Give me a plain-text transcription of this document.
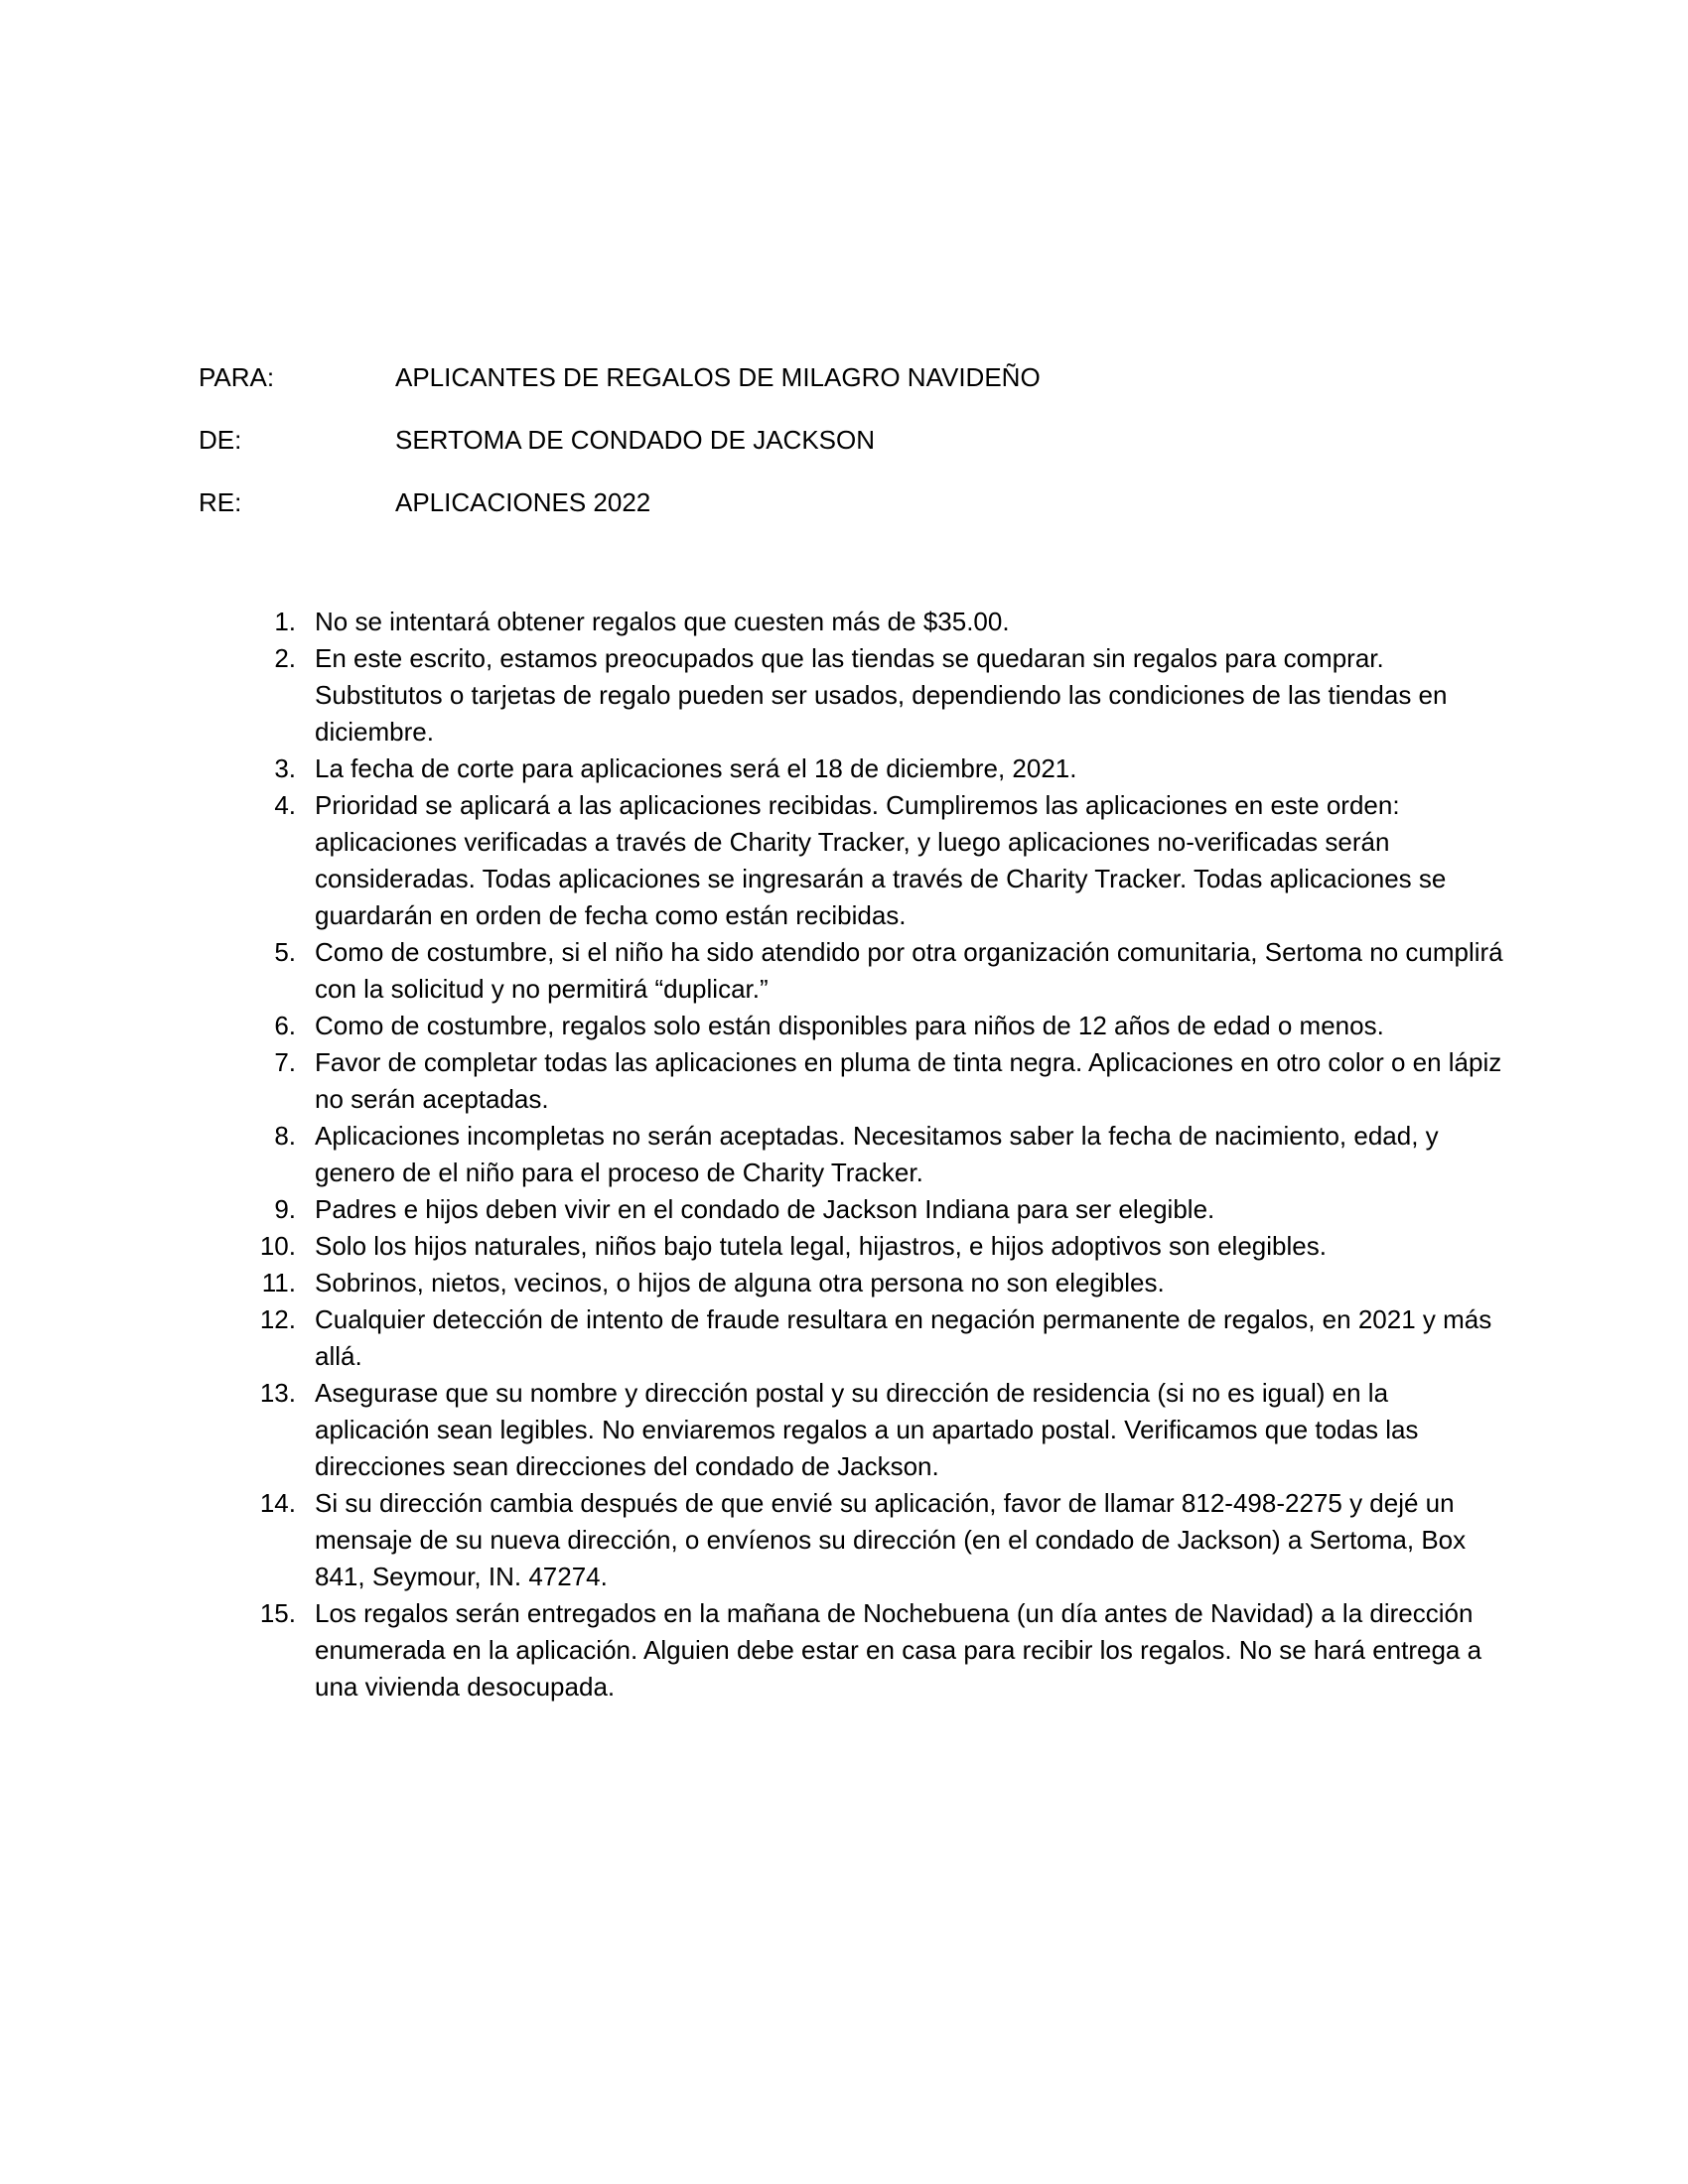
PARA:	APLICANTES DE REGALOS DE MILAGRO NAVIDEÑO
DE:	SERTOMA DE CONDADO DE JACKSON
RE:	APLICACIONES 2022
1. No se intentará obtener regalos que cuesten más de $35.00.
2. En este escrito, estamos preocupados que las tiendas se quedaran sin regalos para comprar. Substitutos o tarjetas de regalo pueden ser usados, dependiendo las condiciones de las tiendas en diciembre.
3. La fecha de corte para aplicaciones será el 18 de diciembre, 2021.
4. Prioridad se aplicará a las aplicaciones recibidas. Cumpliremos las aplicaciones en este orden: aplicaciones verificadas a través de Charity Tracker, y luego aplicaciones no-verificadas serán consideradas. Todas aplicaciones se ingresarán a través de Charity Tracker. Todas aplicaciones se guardarán en orden de fecha como están recibidas.
5. Como de costumbre, si el niño ha sido atendido por otra organización comunitaria, Sertoma no cumplirá con la solicitud y no permitirá “duplicar.”
6. Como de costumbre, regalos solo están disponibles para niños de 12 años de edad o menos.
7. Favor de completar todas las aplicaciones en pluma de tinta negra. Aplicaciones en otro color o en lápiz no serán aceptadas.
8. Aplicaciones incompletas no serán aceptadas. Necesitamos saber la fecha de nacimiento, edad, y genero de el niño para el proceso de Charity Tracker.
9. Padres e hijos deben vivir en el condado de Jackson Indiana para ser elegible.
10. Solo los hijos naturales, niños bajo tutela legal, hijastros, e hijos adoptivos son elegibles.
11. Sobrinos, nietos, vecinos, o hijos de alguna otra persona no son elegibles.
12. Cualquier detección de intento de fraude resultara en negación permanente de regalos, en 2021 y más allá.
13. Asegurase que su nombre y dirección postal y su dirección de residencia (si no es igual) en la aplicación sean legibles. No enviaremos regalos a un apartado postal. Verificamos que todas las direcciones sean direcciones del condado de Jackson.
14. Si su dirección cambia después de que envié su aplicación, favor de llamar 812-498-2275 y dejé un mensaje de su nueva dirección, o envíenos su dirección (en el condado de Jackson) a Sertoma, Box 841, Seymour, IN. 47274.
15. Los regalos serán entregados en la mañana de Nochebuena (un día antes de Navidad) a la dirección enumerada en la aplicación. Alguien debe estar en casa para recibir los regalos. No se hará entrega a una vivienda desocupada.
